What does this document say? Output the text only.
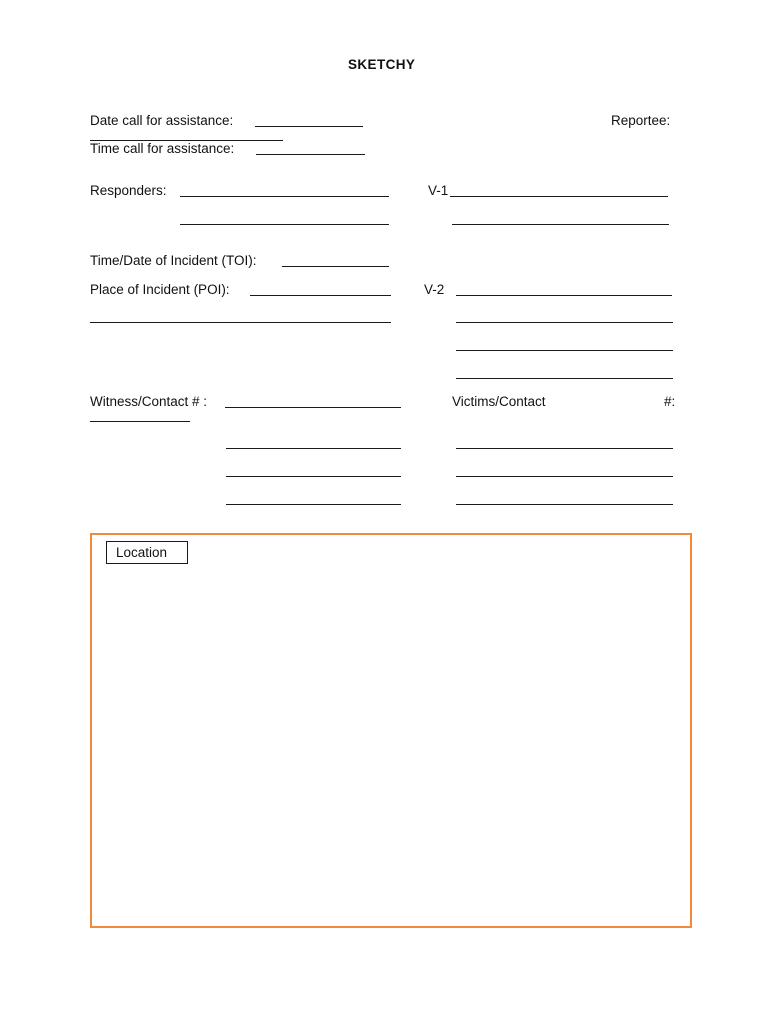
SKETCHY
Date call for assistance:	Reportee:
Time call for assistance:
Responders:	V-1
Time/Date of Incident (TOI):
Place of Incident (POI):	V-2
Witness/Contact # :	Victims/Contact	#:
Location
